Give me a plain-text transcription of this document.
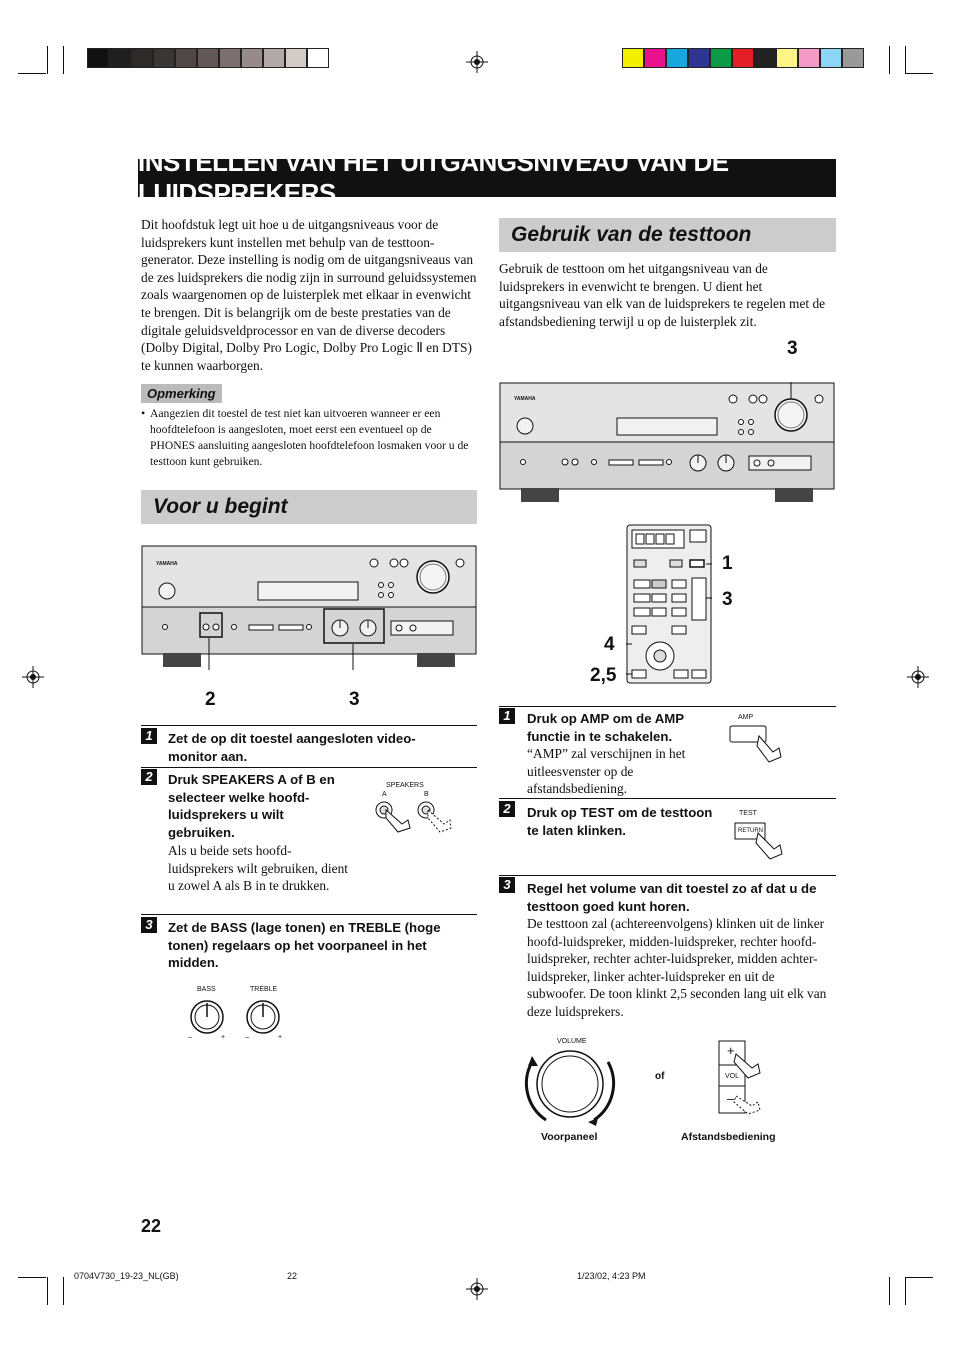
INSTELLEN VAN HET UITGANGSNIVEAU VAN DE LUIDSPREKERS
Dit hoofdstuk legt uit hoe u de uitgangsniveaus voor de luidsprekers kunt instellen met behulp van de testtoon-generator. Deze instelling is nodig om de uitgangsniveaus van de zes luidsprekers die nodig zijn in surround geluidssystemen zoals waargenomen op de luisterplek met elkaar in evenwicht te brengen. Dit is belangrijk om de beste prestaties van de digitale geluidsveldprocessor en van de diverse decoders (Dolby Digital, Dolby Pro Logic, Dolby Pro Logic Ⅱ en DTS) te kunnen waarborgen.
Opmerking
• Aangezien dit toestel de test niet kan uitvoeren wanneer er een hoofdtelefoon is aangesloten, moet eerst een eventueel op de PHONES aansluiting aangesloten hoofdtelefoon losmaken voor u de testtoon kunt gebruiken.
Voor u begint
YAMAHA
2	3
1	Zet de op dit toestel aangesloten video-monitor aan.
2	Druk SPEAKERS A of B en selecteer welke hoofd-luidsprekers u wilt gebruiken.
Als u beide sets hoofd-luidsprekers wilt gebruiken, dient u zowel A als B in te drukken.
SPEAKERS
A	B
3	Zet de BASS (lage tonen) en TREBLE (hoge tonen) regelaars op het voorpaneel in het midden.
BASS	TREBLE
–	+	–	+
Gebruik van de testtoon
Gebruik de testtoon om het uitgangsniveau van de luidsprekers in evenwicht te brengen. U dient het uitgangsniveau van elk van de luidsprekers te regelen met de afstandsbediening terwijl u op de luisterplek zit.
YAMAHA
3
1
3
4
2,5
1	Druk op AMP om de AMP functie in te schakelen.
“AMP” zal verschijnen in het uitleesvenster op de afstandsbediening.
AMP
2	Druk op TEST om de testtoon te laten klinken.
TEST
RETURN
3	Regel het volume van dit toestel zo af dat u de testtoon goed kunt horen.
De testtoon zal (achtereenvolgens) klinken uit de linker hoofd-luidspreker, midden-luidspreker, rechter hoofd-luidspreker, rechter achter-luidspreker, midden achter-luidspreker, linker achter-luidspreker en uit de subwoofer. De toon klinkt 2,5 seconden lang uit elk van deze luidsprekers.
VOLUME
of
+
VOL
–
Voorpaneel	Afstandsbediening
22
0704V730_19-23_NL(GB)	22	1/23/02, 4:23 PM
